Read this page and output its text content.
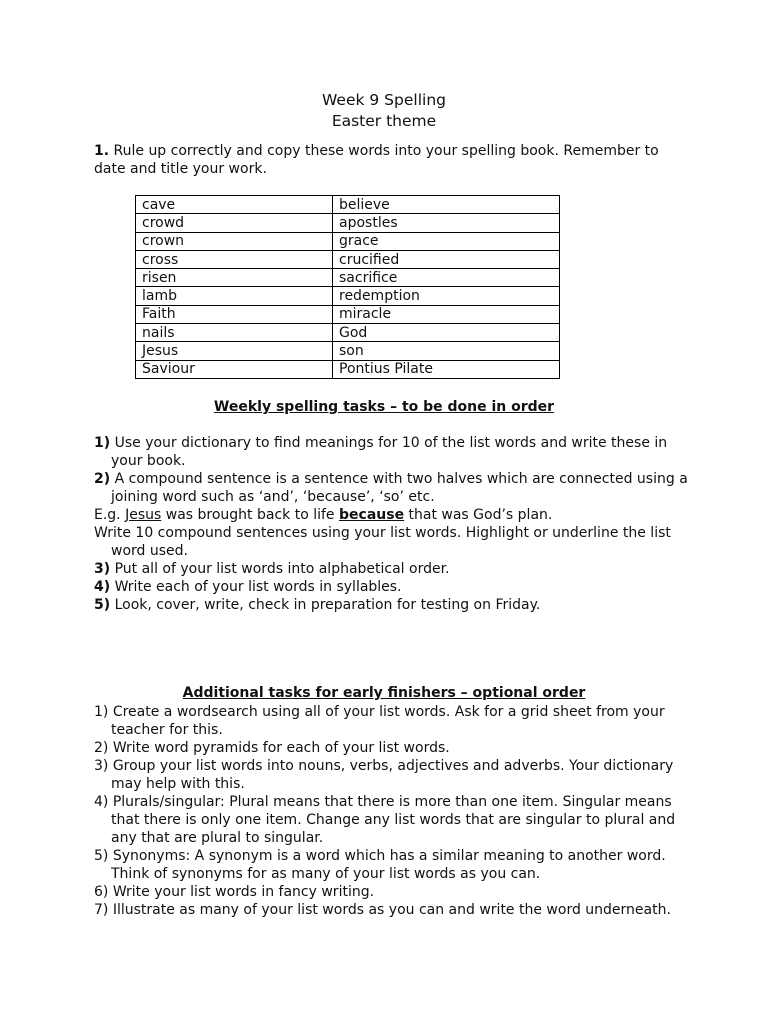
Week 9 Spelling
Easter theme
1. Rule up correctly and copy these words into your spelling book. Remember to date and title your work.
cave	believe
crowd	apostles
crown	grace
cross	crucified
risen	sacrifice
lamb	redemption
Faith	miracle
nails	God
Jesus	son
Saviour	Pontius Pilate
Weekly spelling tasks – to be done in order
1) Use your dictionary to find meanings for 10 of the list words and write these in your book.
2) A compound sentence is a sentence with two halves which are connected using a joining word such as ‘and’, ‘because’, ‘so’ etc.
E.g. Jesus was brought back to life because that was God’s plan.
Write 10 compound sentences using your list words. Highlight or underline the list word used.
3) Put all of your list words into alphabetical order.
4) Write each of your list words in syllables.
5) Look, cover, write, check in preparation for testing on Friday.
Additional tasks for early finishers – optional order
1) Create a wordsearch using all of your list words. Ask for a grid sheet from your teacher for this.
2) Write word pyramids for each of your list words.
3) Group your list words into nouns, verbs, adjectives and adverbs. Your dictionary may help with this.
4) Plurals/singular: Plural means that there is more than one item. Singular means that there is only one item. Change any list words that are singular to plural and any that are plural to singular.
5) Synonyms: A synonym is a word which has a similar meaning to another word. Think of synonyms for as many of your list words as you can.
6) Write your list words in fancy writing.
7) Illustrate as many of your list words as you can and write the word underneath.
